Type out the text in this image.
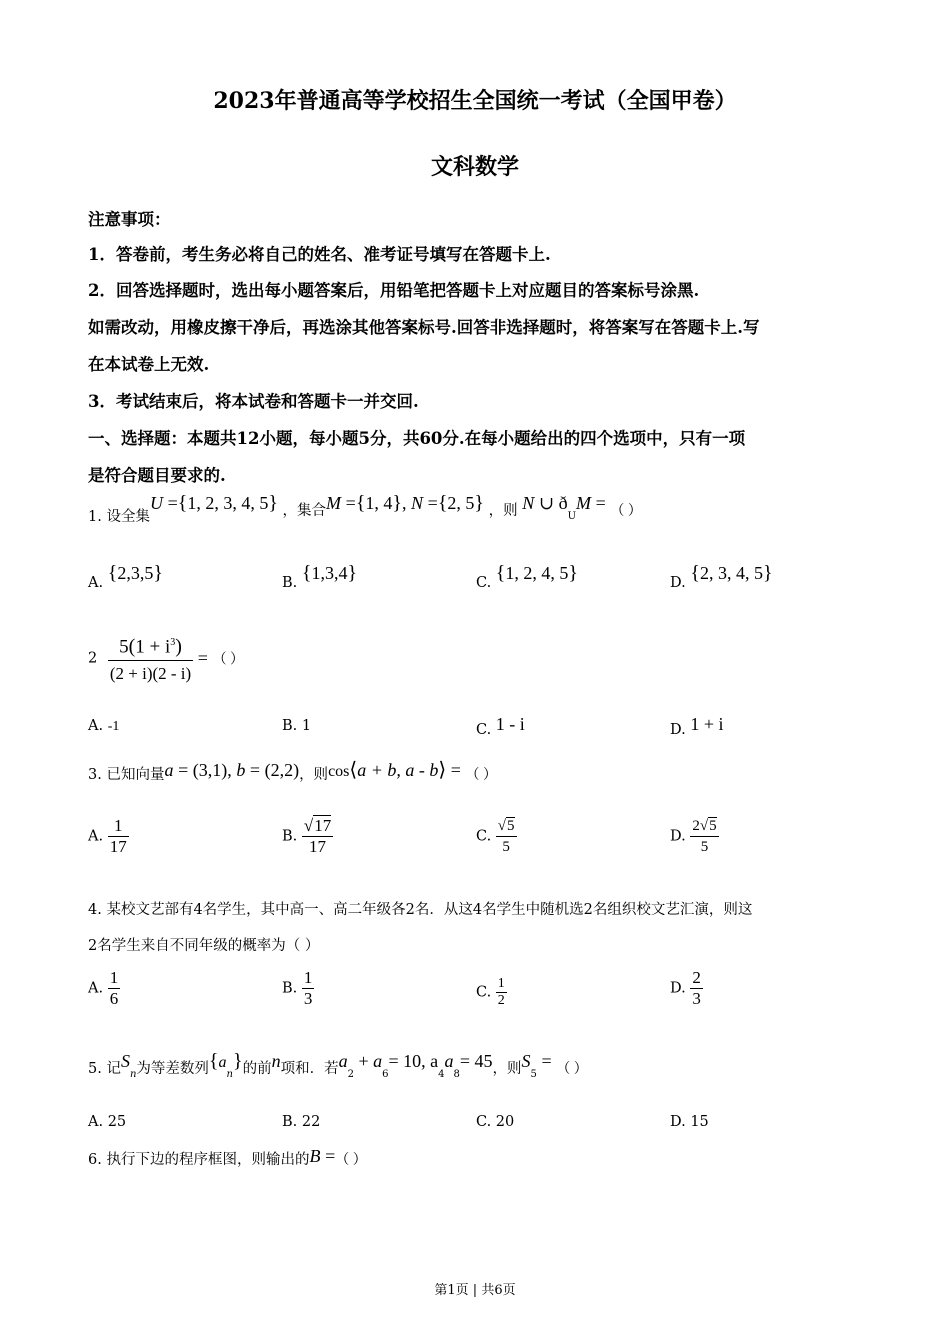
2023年普通高等学校招生全国统一考试（全国甲卷）
文科数学
注意事项：
1．答卷前，考生务必将自己的姓名、准考证号填写在答题卡上.
2．回答选择题时，选出每小题答案后，用铅笔把答题卡上对应题目的答案标号涂黑.
如需改动，用橡皮擦干净后，再选涂其他答案标号.回答非选择题时，将答案写在答题卡上.写
在本试卷上无效.
3．考试结束后，将本试卷和答题卡一并交回.
一、选择题：本题共12小题，每小题5分，共60分.在每小题给出的四个选项中，只有一项
是符合题目要求的.
1. 设全集U ={1, 2, 3, 4, 5} ，集合M ={1, 4}, N ={2, 5} ，则 N ∪ $ð_UM$ = （ ）
A. {2,3,5}	B. {1,3,4}	C. {1, 2, 4, 5}	D. {2, 3, 4, 5}
$2 \frac{5(1 + i^3)}{(2 + i)(2 - i)}$ = （ ）
A. -1	B. 1	C. 1 - i	D. 1 + i
3. 已知向量a = (3,1), b = (2,2)，则cos⟨a + b, a - b⟩ = （ ）
A. $\frac{1}{17}$	B. $\frac{√17}{17}$	C. $\frac{√5}{5}$	D. $\frac{2√5}{5}$
4. 某校文艺部有4名学生，其中高一、高二年级各2名．从这4名学生中随机选2名组织校文艺汇演，则这
2名学生来自不同年级的概率为（ ）
A. $\frac{1}{6}$	B. $\frac{1}{3}$	C. $\frac{1}{2}$	D. $\frac{2}{3}$
5. 记$S_n$为等差数列$\{a_n\}$的前n项和．若$a_2 + a_6= 10$, $a_4a_8= 45$，则$S_5$ = （ ）
A. 25	B. 22	C. 20	D. 15
6. 执行下边的程序框图，则输出的B =（ ）
第1页 | 共6页
